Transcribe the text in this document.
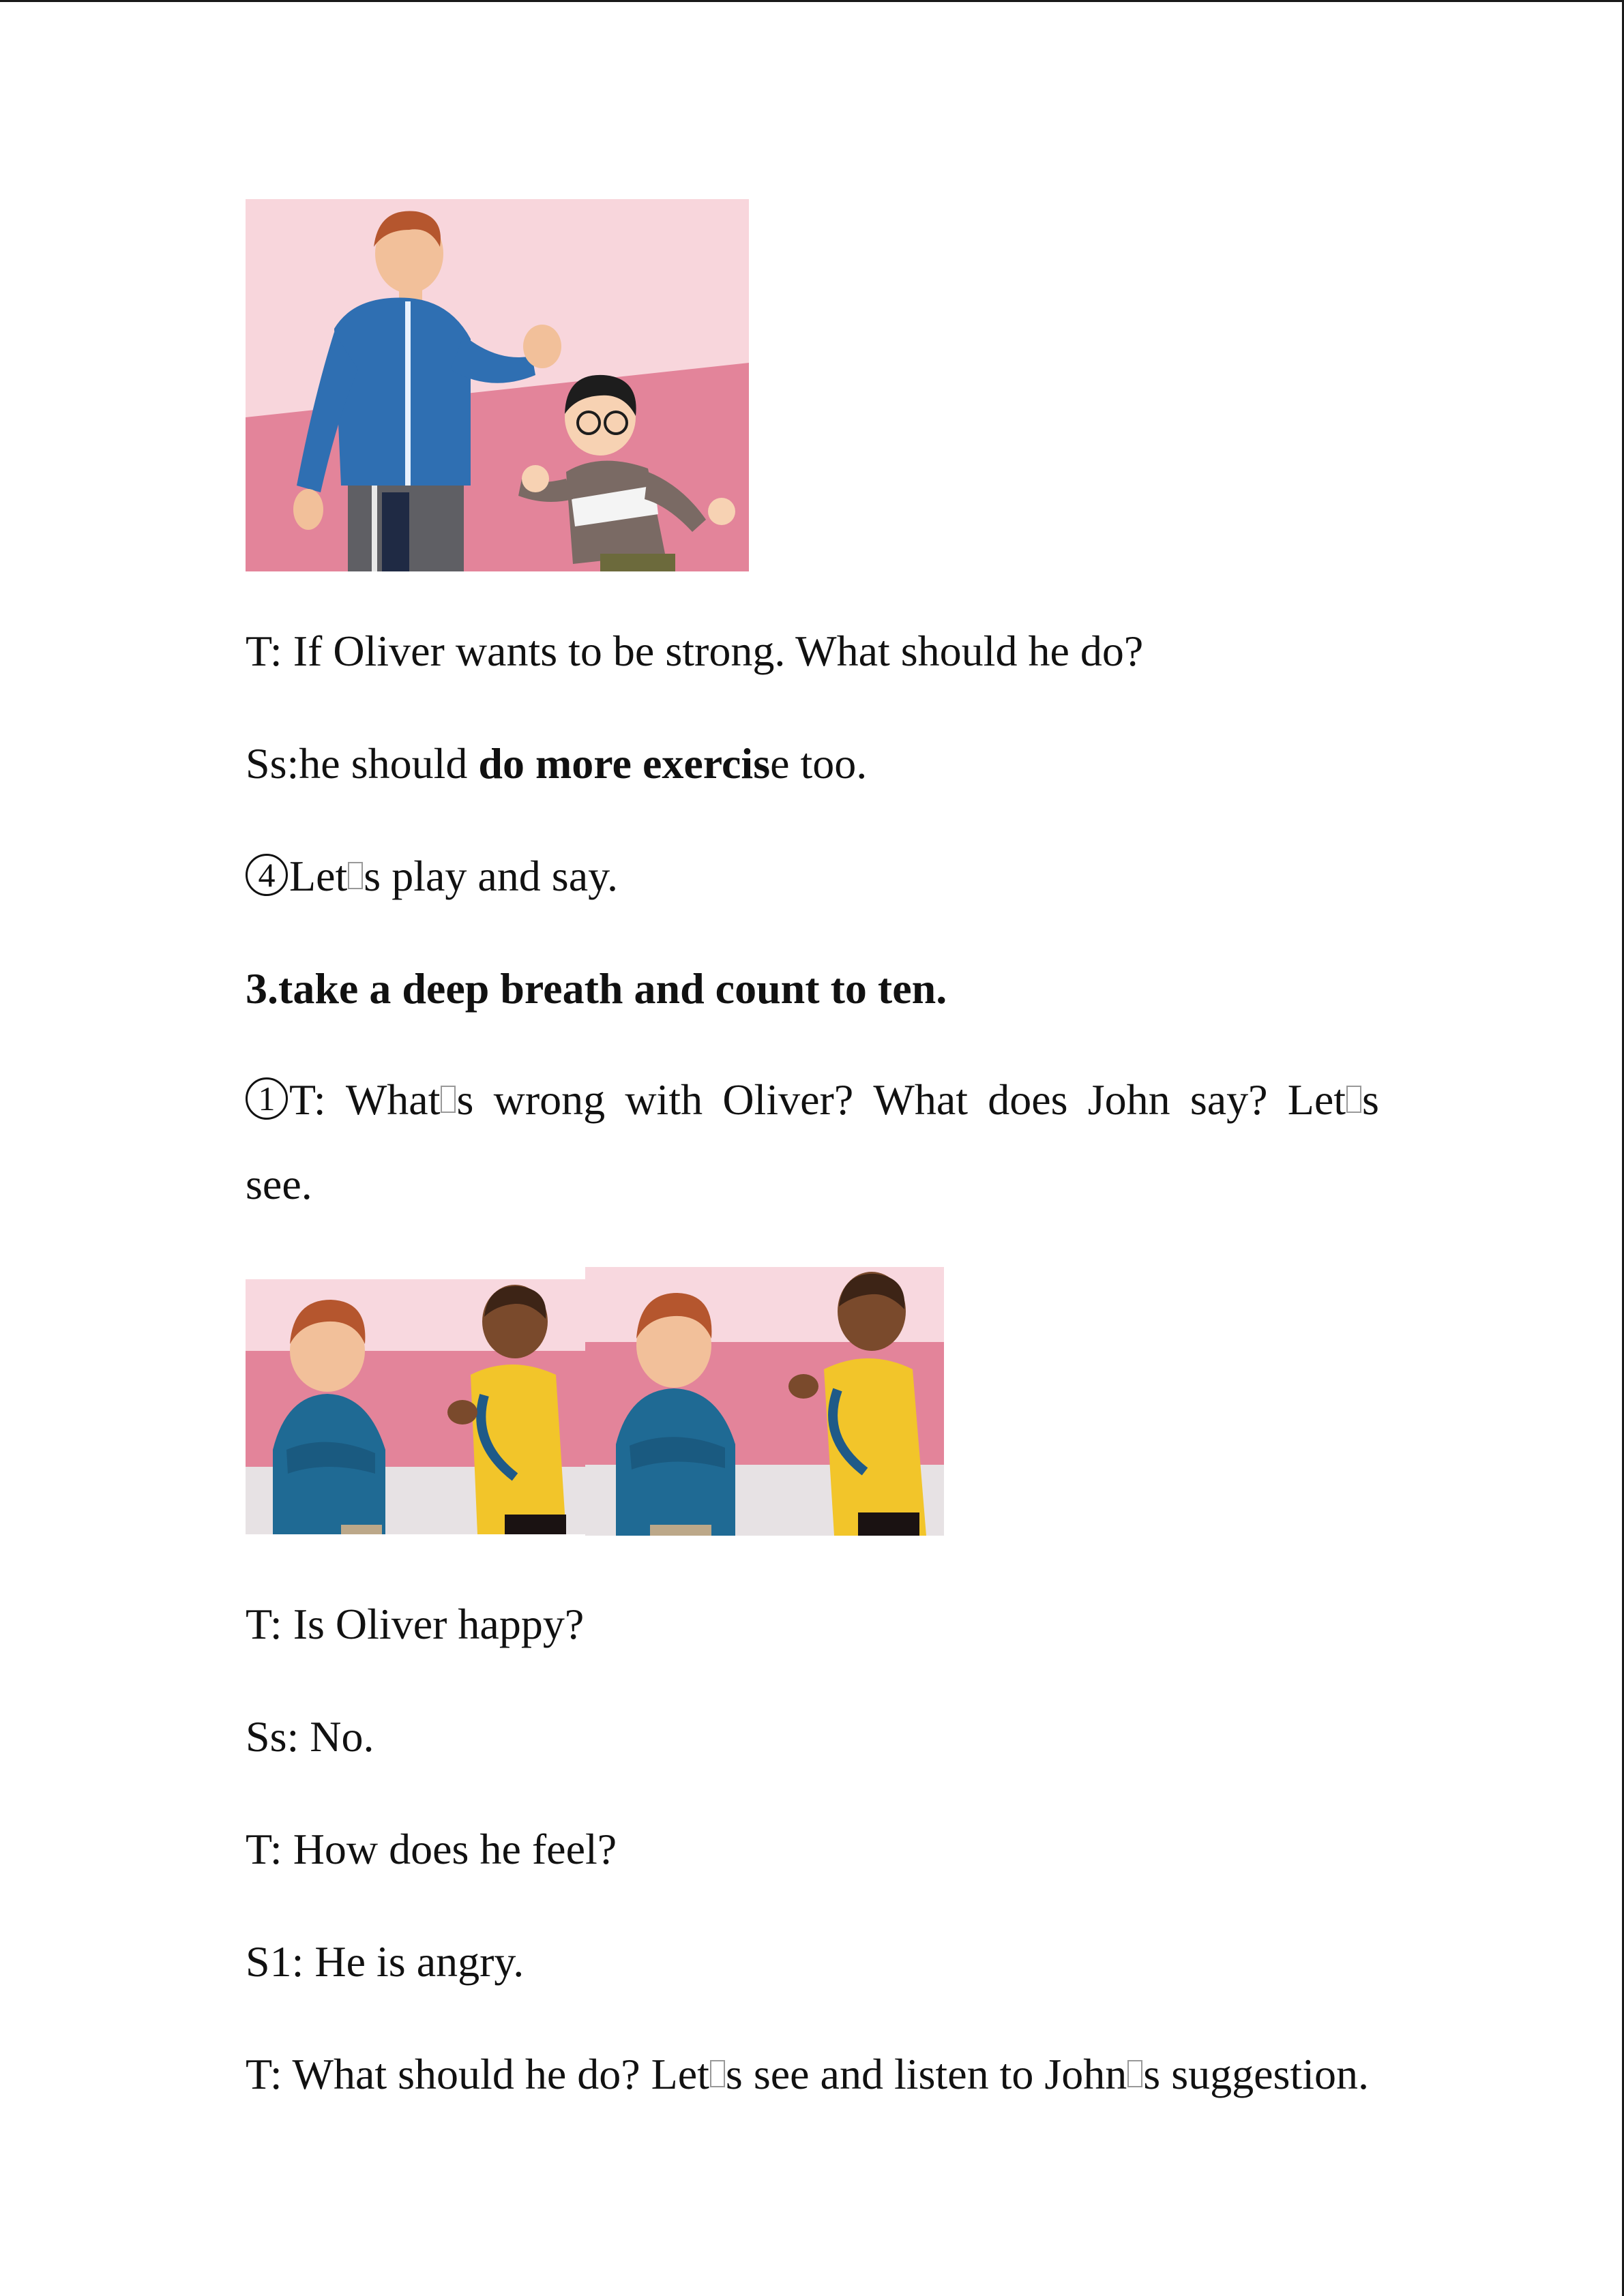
T: If Oliver wants to be strong. What should he do?
Ss:he should do more exercise too.
4 Let s play and say.
3.take a deep breath and count to ten.
1 T: What s wrong with Oliver? What does John say? Let s
see.
T: Is Oliver happy?
Ss: No.
T: How does he feel?
S1: He is angry.
T: What should he do? Let s see and listen to John s suggestion.
